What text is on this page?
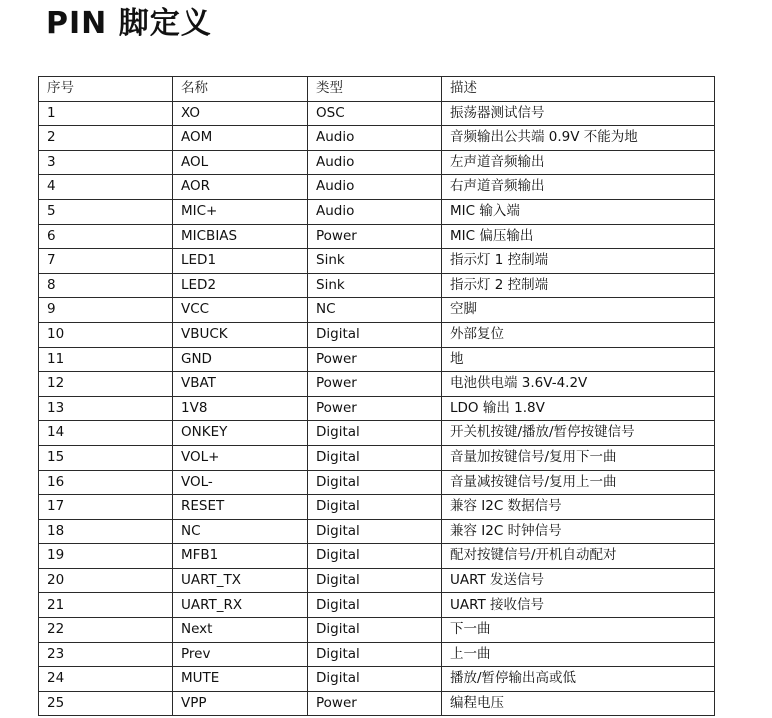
PIN 脚定义
序号	名称	类型	描述
1	XO	OSC	振荡器测试信号
2	AOM	Audio	音频输出公共端 0.9V 不能为地
3	AOL	Audio	左声道音频输出
4	AOR	Audio	右声道音频输出
5	MIC+	Audio	MIC 输入端
6	MICBIAS	Power	MIC 偏压输出
7	LED1	Sink	指示灯 1 控制端
8	LED2	Sink	指示灯 2 控制端
9	VCC	NC	空脚
10	VBUCK	Digital	外部复位
11	GND	Power	地
12	VBAT	Power	电池供电端 3.6V-4.2V
13	1V8	Power	LDO 输出 1.8V
14	ONKEY	Digital	开关机按键/播放/暂停按键信号
15	VOL+	Digital	音量加按键信号/复用下一曲
16	VOL-	Digital	音量减按键信号/复用上一曲
17	RESET	Digital	兼容 I2C 数据信号
18	NC	Digital	兼容 I2C 时钟信号
19	MFB1	Digital	配对按键信号/开机自动配对
20	UART_TX	Digital	UART 发送信号
21	UART_RX	Digital	UART 接收信号
22	Next	Digital	下一曲
23	Prev	Digital	上一曲
24	MUTE	Digital	播放/暂停输出高或低
25	VPP	Power	编程电压
